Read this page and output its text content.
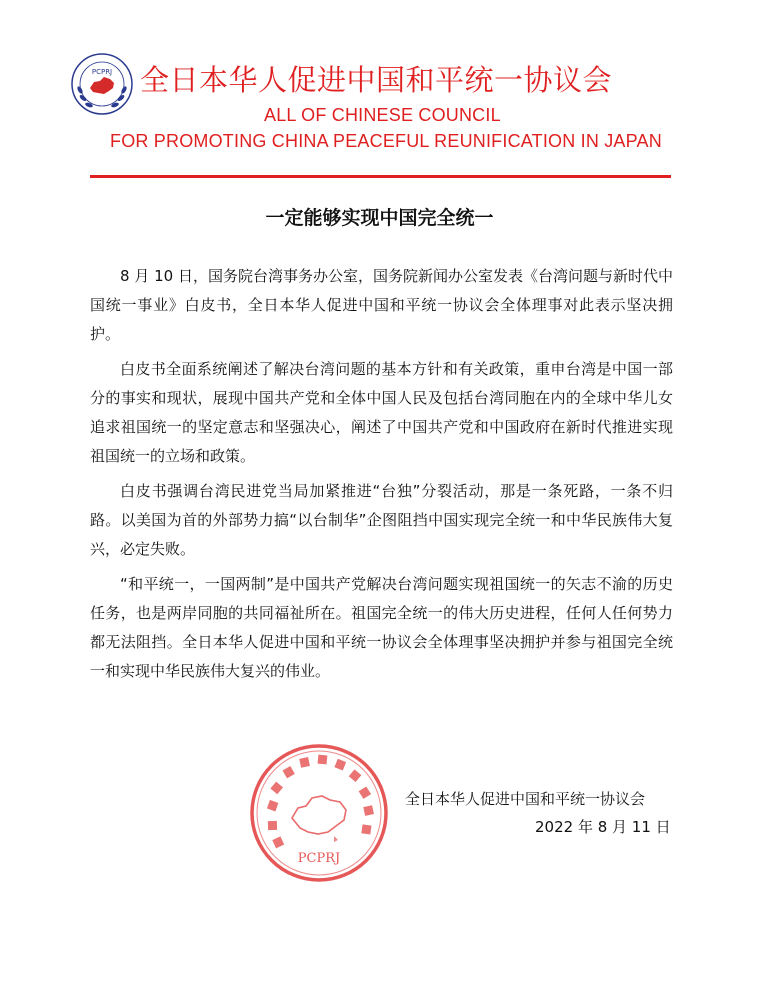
PCPRJ 全日本华人促进中国和平统一协议会
ALL OF CHINESE COUNCIL
FOR PROMOTING CHINA PEACEFUL REUNIFICATION IN JAPAN
一定能够实现中国完全统一

8 月 10 日，国务院台湾事务办公室，国务院新闻办公室发表《台湾问题与新时代中国统一事业》白皮书，全日本华人促进中国和平统一协议会全体理事对此表示坚决拥护。

白皮书全面系统阐述了解决台湾问题的基本方针和有关政策，重申台湾是中国一部分的事实和现状，展现中国共产党和全体中国人民及包括台湾同胞在内的全球中华儿女追求祖国统一的坚定意志和坚强决心，阐述了中国共产党和中国政府在新时代推进实现祖国统一的立场和政策。

白皮书强调台湾民进党当局加紧推进“台独”分裂活动，那是一条死路，一条不归路。以美国为首的外部势力搞“以台制华”企图阻挡中国实现完全统一和中华民族伟大复兴，必定失败。

“和平统一，一国两制”是中国共产党解决台湾问题实现祖国统一的矢志不渝的历史任务，也是两岸同胞的共同福祉所在。祖国完全统一的伟大历史进程，任何人任何势力都无法阻挡。全日本华人促进中国和平统一协议会全体理事坚决拥护并参与祖国完全统一和实现中华民族伟大复兴的伟业。

PCPRJ
全日本华人促进中国和平统一协议会
2022 年 8 月 11 日
